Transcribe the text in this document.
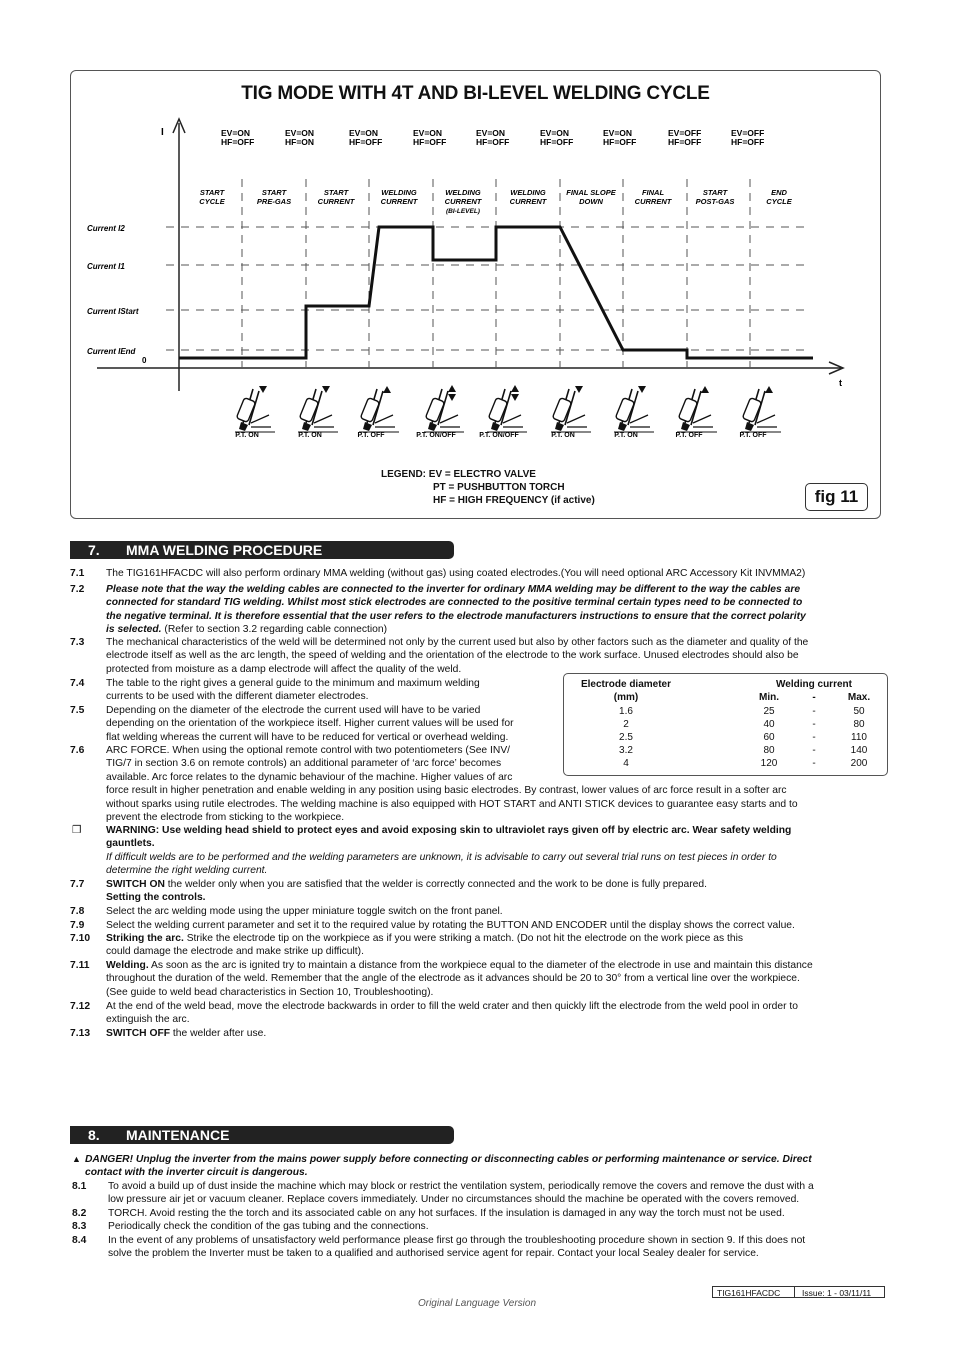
TIG MODE WITH 4T AND BI-LEVEL WELDING CYCLE
I
t
0
Current I2
Current I1
Current IStart
Current IEnd
EV=ON
HF=OFF
EV=ON
HF=ON
EV=ON
HF=OFF
EV=ON
HF=OFF
EV=ON
HF=OFF
EV=ON
HF=OFF
EV=ON
HF=OFF
EV=OFF
HF=OFF
EV=OFF
HF=OFF
START
CYCLE
START
PRE-GAS
START
CURRENT
WELDING
CURRENT
WELDING
CURRENT
(BI-LEVEL)
WELDING
CURRENT
FINAL SLOPE
DOWN
FINAL
CURRENT
START
POST-GAS
END
CYCLE
P.T. ON	P.T. ON	P.T. OFF	P.T. ON/OFF	P.T. ON/OFF	P.T. ON	P.T. ON	P.T. OFF	P.T. OFF
LEGEND: EV = ELECTRO VALVE
PT = PUSHBUTTON TORCH
HF = HIGH FREQUENCY (if active)	fig 11
7. MMA WELDING PROCEDURE
7.1 The TIG161HFACDC will also perform ordinary MMA welding (without gas) using coated electrodes.(You will need optional ARC Accessory Kit INVMMA2)
7.2 Please note that the way the welding cables are connected to the inverter for ordinary MMA welding may be different to the way the cables are
connected for standard TIG welding. Whilst most stick electrodes are connected to the positive terminal certain types need to be connected to
the negative terminal. It is therefore essential that the user refers to the electrode manufacturers instructions to ensure that the correct polarity
is selected. (Refer to section 3.2 regarding cable connection)
7.3 The mechanical characteristics of the weld will be determined not only by the current used but also by other factors such as the diameter and quality of the
electrode itself as well as the arc length, the speed of welding and the orientation of the electrode to the work surface. Unused electrodes should also be
protected from moisture as a damp electrode will affect the quality of the weld.
7.4 The table to the right gives a general guide to the minimum and maximum welding
currents to be used with the different diameter electrodes.
7.5 Depending on the diameter of the electrode the current used will have to be varied
depending on the orientation of the workpiece itself. Higher current values will be used for
flat welding whereas the current will have to be reduced for vertical or overhead welding.
7.6 ARC FORCE. When using the optional remote control with two potentiometers (See INV/
TIG/7 in section 3.6 on remote controls) an additional parameter of ‘arc force’ becomes
available. Arc force relates to the dynamic behaviour of the machine. Higher values of arc
force result in higher penetration and enable welding in any position using basic electrodes. By contrast, lower values of arc force result in a softer arc
without sparks using rutile electrodes. The welding machine is also equipped with HOT START and ANTI STICK devices to guarantee easy starts and to
prevent the electrode from sticking to the workpiece.
Electrode diameter
(mm)
Welding current
Min.	-	Max.
1.6	25	-	50
2	40	-	80
2.5	60	-	110
3.2	80	-	140
4	120	-	200
❒ WARNING: Use welding head shield to protect eyes and avoid exposing skin to ultraviolet rays given off by electric arc. Wear safety welding
gauntlets.
If difficult welds are to be performed and the welding parameters are unknown, it is advisable to carry out several trial runs on test pieces in order to
determine the right welding current.
7.7 SWITCH ON the welder only when you are satisfied that the welder is correctly connected and the work to be done is fully prepared.
Setting the controls.
7.8 Select the arc welding mode using the upper miniature toggle switch on the front panel.
7.9 Select the welding current parameter and set it to the required value by rotating the BUTTON AND ENCODER until the display shows the correct value.
7.10 Striking the arc. Strike the electrode tip on the workpiece as if you were striking a match. (Do not hit the electrode on the work piece as this
could damage the electrode and make strike up difficult).
7.11 Welding. As soon as the arc is ignited try to maintain a distance from the workpiece equal to the diameter of the electrode in use and maintain this distance
throughout the duration of the weld. Remember that the angle of the electrode as it advances should be 20 to 30° from a vertical line over the workpiece.
(See guide to weld bead characteristics in Section 10, Troubleshooting).
7.12 At the end of the weld bead, move the electrode backwards in order to fill the weld crater and then quickly lift the electrode from the weld pool in order to
extinguish the arc.
7.13 SWITCH OFF the welder after use.
8. MAINTENANCE
▲ DANGER! Unplug the inverter from the mains power supply before connecting or disconnecting cables or performing maintenance or service. Direct
contact with the inverter circuit is dangerous.
8.1 To avoid a build up of dust inside the machine which may block or restrict the ventilation system, periodically remove the covers and remove the dust with a
low pressure air jet or vacuum cleaner. Replace covers immediately. Under no circumstances should the machine be operated with the covers removed.
8.2 TORCH. Avoid resting the the torch and its associated cable on any hot surfaces. If the insulation is damaged in any way the torch must not be used.
8.3 Periodically check the condition of the gas tubing and the connections.
8.4 In the event of any problems of unsatisfactory weld performance please first go through the troubleshooting procedure shown in section 9. If this does not
solve the problem the Inverter must be taken to a qualified and authorised service agent for repair. Contact your local Sealey dealer for service.
TIG161HFACDC	Issue: 1 - 03/11/11
Original Language Version
